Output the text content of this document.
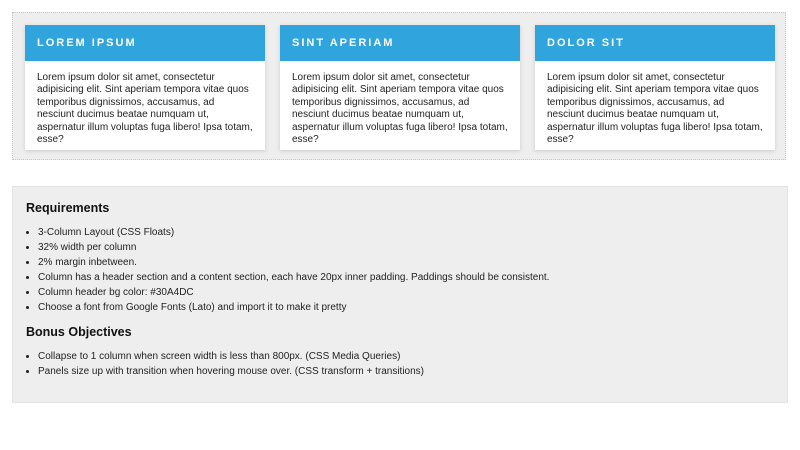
LOREM IPSUM
Lorem ipsum dolor sit amet, consectetur adipisicing elit. Sint aperiam tempora vitae quos temporibus dignissimos, accusamus, ad nesciunt ducimus beatae numquam ut, aspernatur illum voluptas fuga libero! Ipsa totam, esse?
SINT APERIAM
Lorem ipsum dolor sit amet, consectetur adipisicing elit. Sint aperiam tempora vitae quos temporibus dignissimos, accusamus, ad nesciunt ducimus beatae numquam ut, aspernatur illum voluptas fuga libero! Ipsa totam, esse?
DOLOR SIT
Lorem ipsum dolor sit amet, consectetur adipisicing elit. Sint aperiam tempora vitae quos temporibus dignissimos, accusamus, ad nesciunt ducimus beatae numquam ut, aspernatur illum voluptas fuga libero! Ipsa totam, esse?
Requirements
• 3-Column Layout (CSS Floats)
• 32% width per column
• 2% margin inbetween.
• Column has a header section and a content section, each have 20px inner padding. Paddings should be consistent.
• Column header bg color: #30A4DC
• Choose a font from Google Fonts (Lato) and import it to make it pretty
Bonus Objectives
• Collapse to 1 column when screen width is less than 800px. (CSS Media Queries)
• Panels size up with transition when hovering mouse over. (CSS transform + transitions)
